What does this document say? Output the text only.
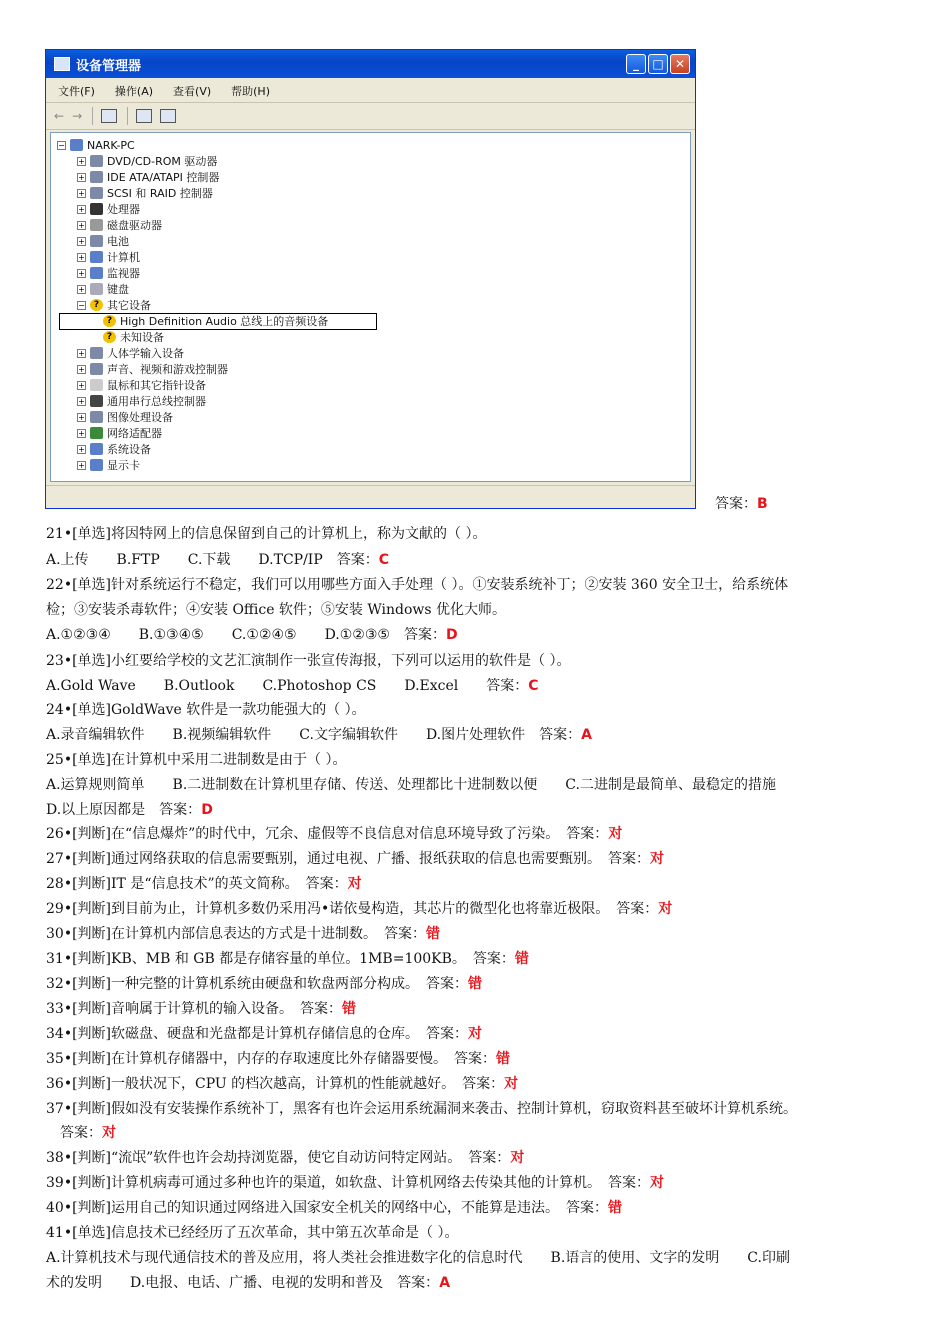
设备管理器	_	□ ✕
文件(F) 操作(A) 查看(V) 帮助(H)
← →
− NARK-PC
+ DVD/CD-ROM 驱动器
+ IDE ATA/ATAPI 控制器
+ SCSI 和 RAID 控制器
+ 处理器
+ 磁盘驱动器
+ 电池
+ 计算机
+ 监视器
+ 键盘
−	? 其它设备
? High Definition Audio 总线上的音频设备
? 未知设备
+ 人体学输入设备
+ 声音、视频和游戏控制器
+ 鼠标和其它指针设备
+ 通用串行总线控制器
+ 图像处理设备
+ 网络适配器
+ 系统设备
+ 显示卡
答案：B
21•[单选]将因特网上的信息保留到自己的计算机上，称为文献的（ ）。
A.上传　　B.FTP　　C.下载　　D.TCP/IP　答案：C
22•[单选]针对系统运行不稳定，我们可以用哪些方面入手处理（ ）。①安装系统补丁；②安装 360 安全卫士，给系统体
检；③安装杀毒软件；④安装 Office 软件；⑤安装 Windows 优化大师。
A.①②③④　　B.①③④⑤　　C.①②④⑤　　D.①②③⑤　答案：D
23•[单选]小红要给学校的文艺汇演制作一张宣传海报，下列可以运用的软件是（ ）。
A.Gold Wave　　B.Outlook　　C.Photoshop CS　　D.Excel　　答案：C
24•[单选]GoldWave 软件是一款功能强大的（ ）。
A.录音编辑软件　　B.视频编辑软件　　C.文字编辑软件　　D.图片处理软件　答案：A
25•[单选]在计算机中采用二进制数是由于（ ）。
A.运算规则简单　　B.二进制数在计算机里存储、传送、处理都比十进制数以便　　C.二进制是最简单、最稳定的措施
D.以上原因都是　答案：D
26•[判断]在“信息爆炸”的时代中，冗余、虚假等不良信息对信息环境导致了污染。　答案：对
27•[判断]通过网络获取的信息需要甄别，通过电视、广播、报纸获取的信息也需要甄别。　答案：对
28•[判断]IT 是“信息技术”的英文简称。　答案：对
29•[判断]到目前为止，计算机多数仍采用冯•诺依曼构造，其芯片的微型化也将靠近极限。　答案：对
30•[判断]在计算机内部信息表达的方式是十进制数。　答案：错
31•[判断]KB、MB 和 GB 都是存储容量的单位。1MB=100KB。　答案：错
32•[判断]一种完整的计算机系统由硬盘和软盘两部分构成。　答案：错
33•[判断]音响属于计算机的输入设备。　答案：错
34•[判断]软磁盘、硬盘和光盘都是计算机存储信息的仓库。　答案：对
35•[判断]在计算机存储器中，内存的存取速度比外存储器要慢。　答案：错
36•[判断]一般状况下，CPU 的档次越高，计算机的性能就越好。　答案：对
37•[判断]假如没有安装操作系统补丁，黑客有也许会运用系统漏洞来袭击、控制计算机，窃取资料甚至破坏计算机系统。
　答案：对
38•[判断]“流氓”软件也许会劫持浏览器，使它自动访问特定网站。　答案：对
39•[判断]计算机病毒可通过多种也许的渠道，如软盘、计算机网络去传染其他的计算机。　答案：对
40•[判断]运用自己的知识通过网络进入国家安全机关的网络中心，不能算是违法。　答案：错
41•[单选]信息技术已经经历了五次革命，其中第五次革命是（ ）。
A.计算机技术与现代通信技术的普及应用，将人类社会推进数字化的信息时代　　B.语言的使用、文字的发明　　C.印刷
术的发明　　D.电报、电话、广播、电视的发明和普及　答案：A
